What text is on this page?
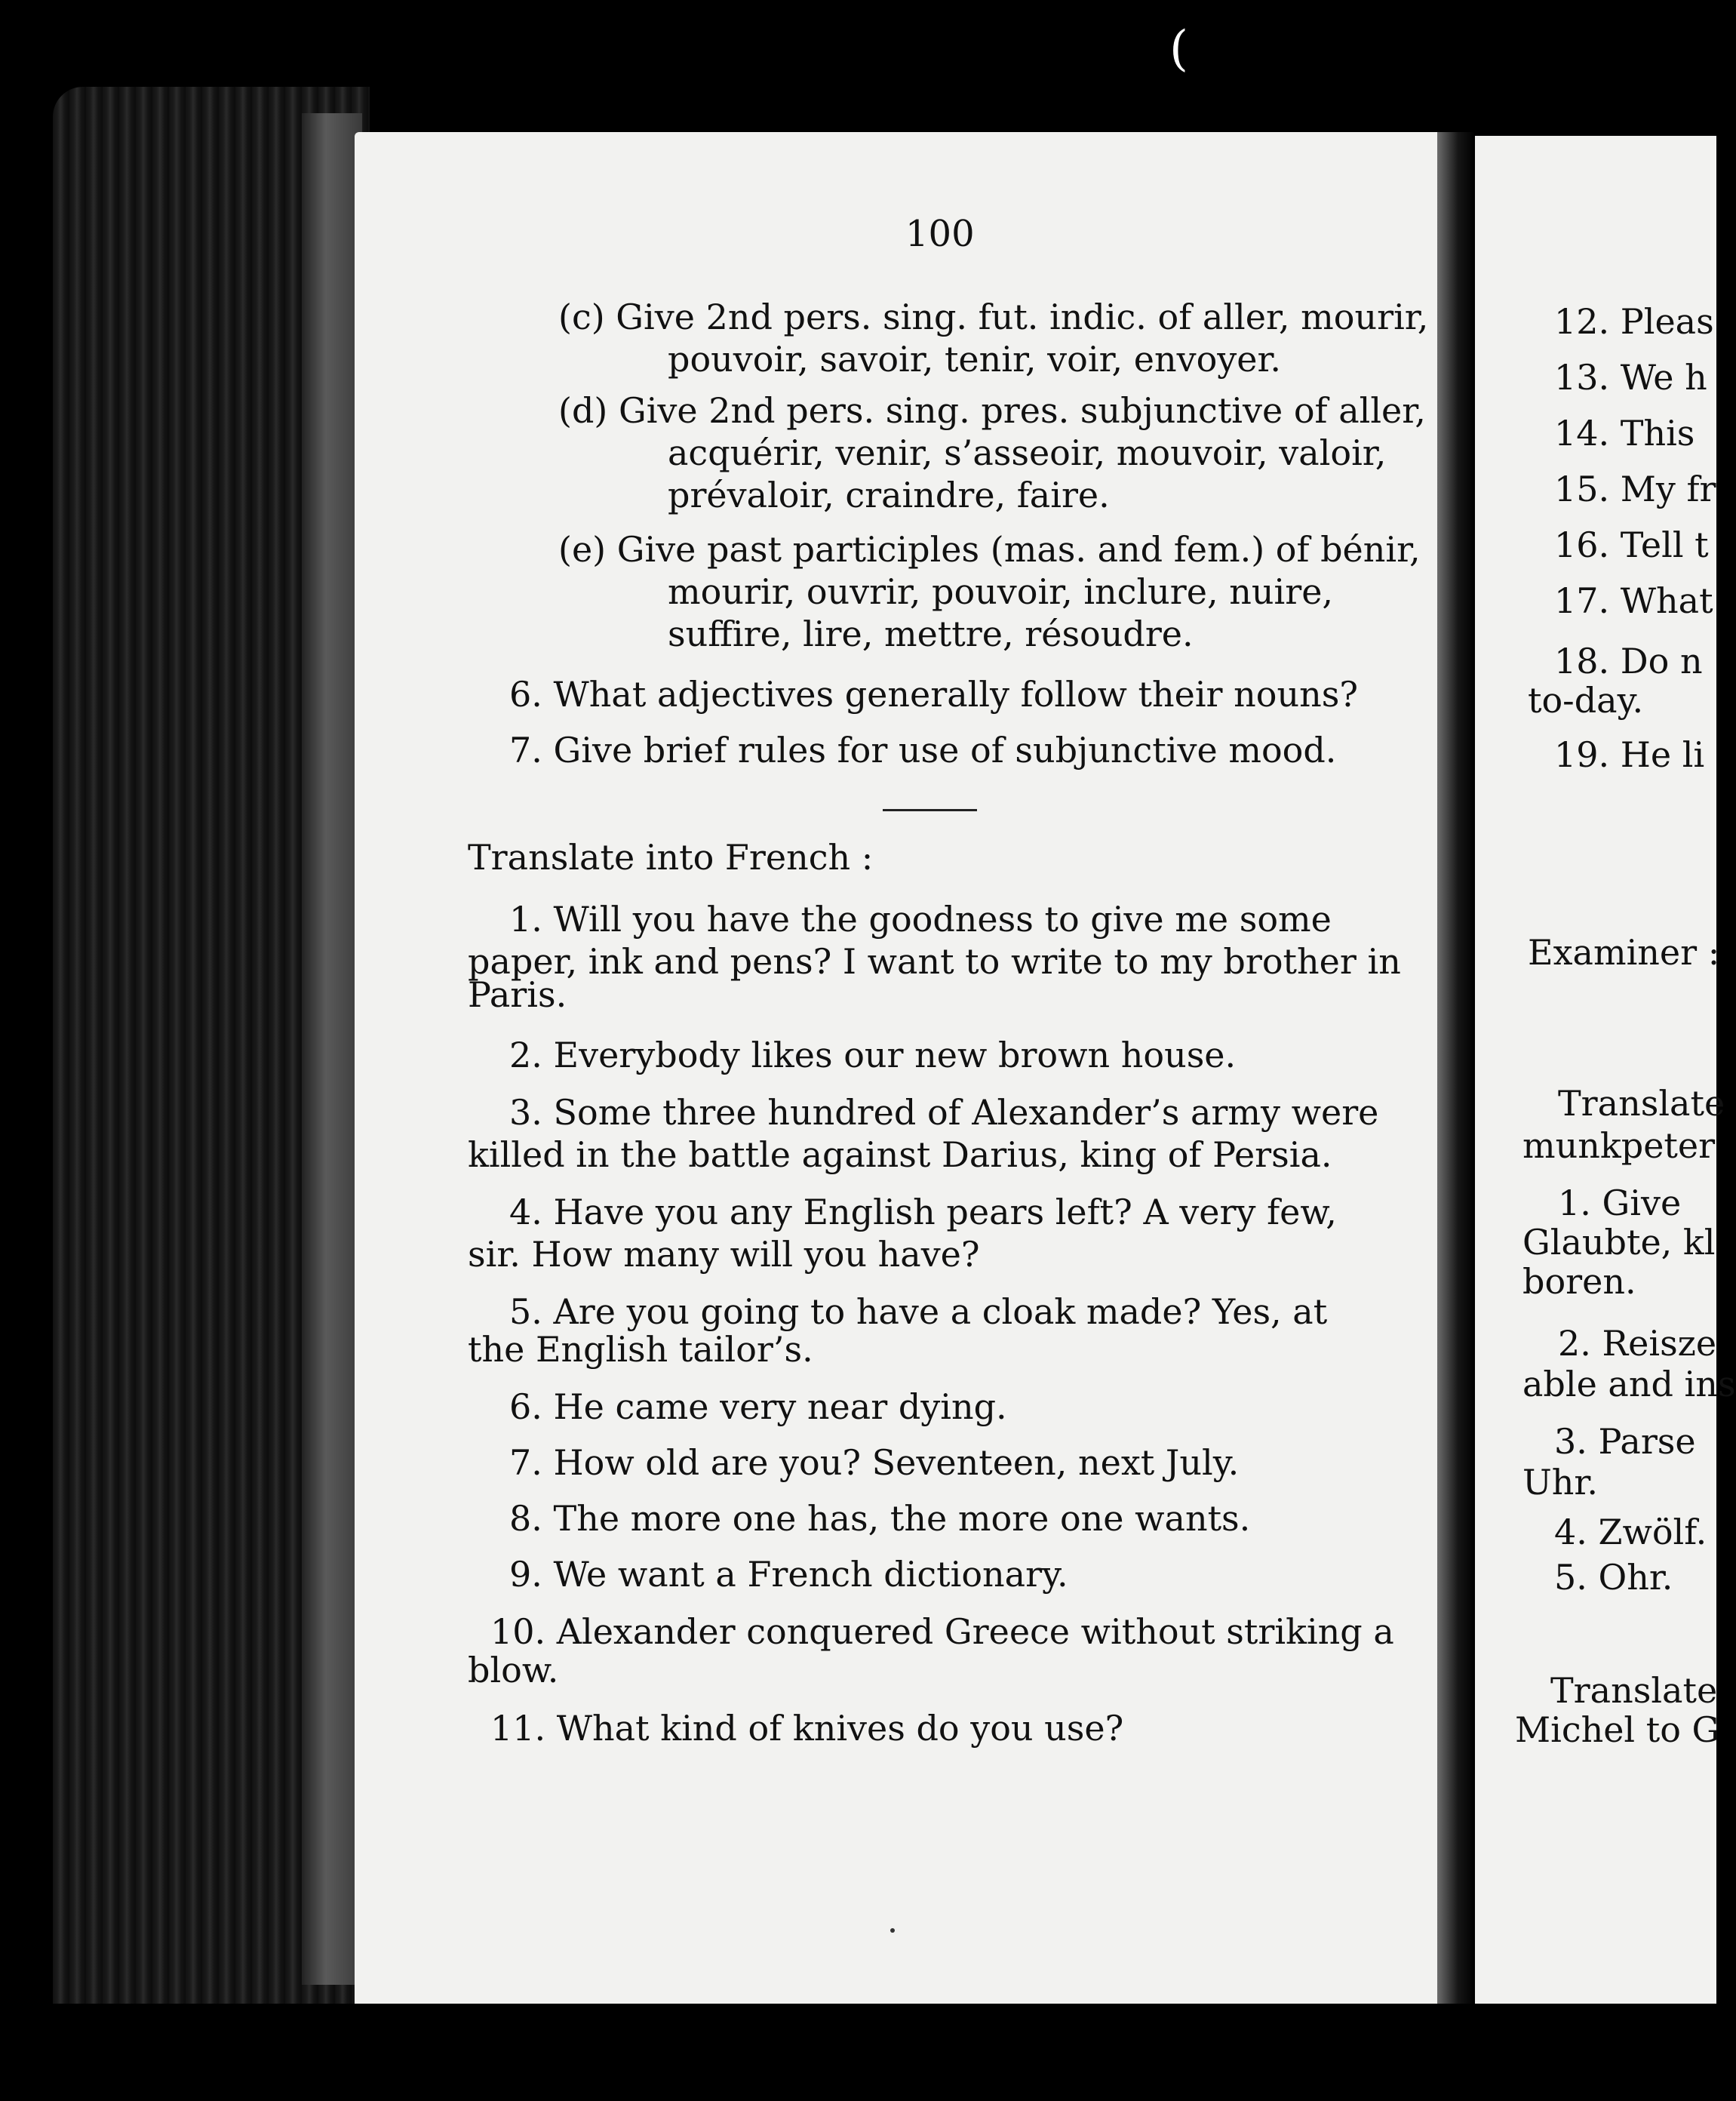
(
100
(c) Give 2nd pers. sing. fut. indic. of aller, mourir,
pouvoir, savoir, tenir, voir, envoyer.
(d) Give 2nd pers. sing. pres. subjunctive of aller,
acquérir, venir, s’asseoir, mouvoir, valoir,
prévaloir, craindre, faire.
(e) Give past participles (mas. and fem.) of bénir,
mourir, ouvrir, pouvoir, inclure, nuire,
suffire, lire, mettre, résoudre.
6. What adjectives generally follow their nouns?
7. Give brief rules for use of subjunctive mood.
Translate into French :
1. Will you have the goodness to give me some
paper, ink and pens? I want to write to my brother in
Paris.
2. Everybody likes our new brown house.
3. Some three hundred of Alexander’s army were
killed in the battle against Darius, king of Persia.
4. Have you any English pears left? A very few,
sir. How many will you have?
5. Are you going to have a cloak made? Yes, at
the English tailor’s.
6. He came very near dying.
7. How old are you? Seventeen, next July.
8. The more one has, the more one wants.
9. We want a French dictionary.
10. Alexander conquered Greece without striking a
blow.
11. What kind of knives do you use?
12. Pleas
13. We h
14. This
15. My fr
16. Tell t
17. What
18. Do n
to-day.
19. He li
Examiner :
Translate
munkpeter
1. Give
Glaubte, kl
boren.
2. Reisze
able and ins
3. Parse
Uhr.
4. Zwölf.
5. Ohr.
Translate
Michel to G
